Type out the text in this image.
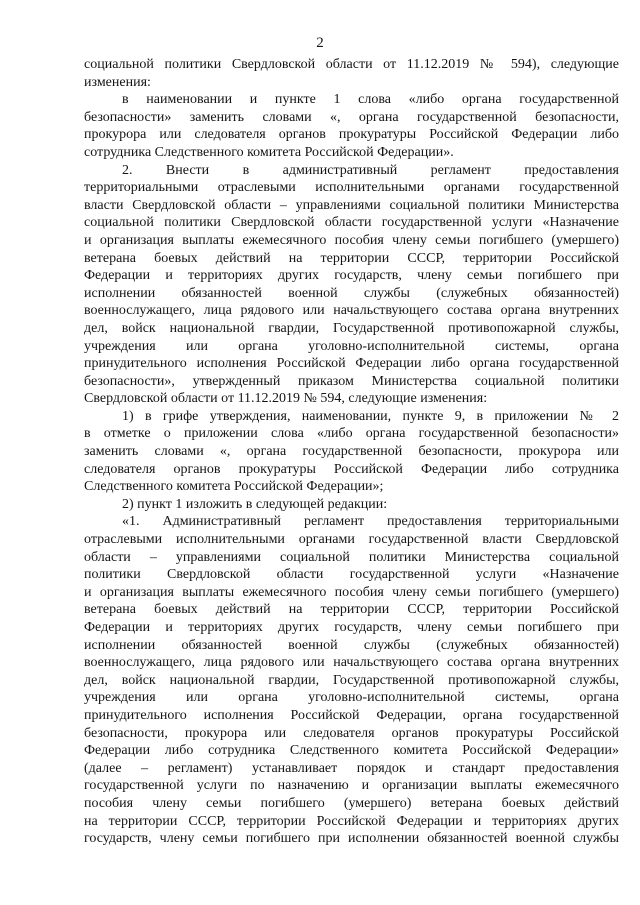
2
социальной политики Свердловской области от 11.12.2019 № 594), следующие
изменения:
в наименовании и пункте 1 слова «либо органа государственной
безопасности» заменить словами «, органа государственной безопасности,
прокурора или следователя органов прокуратуры Российской Федерации либо
сотрудника Следственного комитета Российской Федерации».
2. Внести в административный регламент предоставления
территориальными отраслевыми исполнительными органами государственной
власти Свердловской области – управлениями социальной политики Министерства
социальной политики Свердловской области государственной услуги «Назначение
и организация выплаты ежемесячного пособия члену семьи погибшего (умершего)
ветерана боевых действий на территории СССР, территории Российской
Федерации и территориях других государств, члену семьи погибшего при
исполнении обязанностей военной службы (служебных обязанностей)
военнослужащего, лица рядового или начальствующего состава органа внутренних
дел, войск национальной гвардии, Государственной противопожарной службы,
учреждения или органа уголовно-исполнительной системы, органа
принудительного исполнения Российской Федерации либо органа государственной
безопасности», утвержденный приказом Министерства социальной политики
Свердловской области от 11.12.2019 № 594, следующие изменения:
1) в грифе утверждения, наименовании, пункте 9, в приложении № 2
в отметке о приложении слова «либо органа государственной безопасности»
заменить словами «, органа государственной безопасности, прокурора или
следователя органов прокуратуры Российской Федерации либо сотрудника
Следственного комитета Российской Федерации»;
2) пункт 1 изложить в следующей редакции:
«1. Административный регламент предоставления территориальными
отраслевыми исполнительными органами государственной власти Свердловской
области – управлениями социальной политики Министерства социальной
политики Свердловской области государственной услуги «Назначение
и организация выплаты ежемесячного пособия члену семьи погибшего (умершего)
ветерана боевых действий на территории СССР, территории Российской
Федерации и территориях других государств, члену семьи погибшего при
исполнении обязанностей военной службы (служебных обязанностей)
военнослужащего, лица рядового или начальствующего состава органа внутренних
дел, войск национальной гвардии, Государственной противопожарной службы,
учреждения или органа уголовно-исполнительной системы, органа
принудительного исполнения Российской Федерации, органа государственной
безопасности, прокурора или следователя органов прокуратуры Российской
Федерации либо сотрудника Следственного комитета Российской Федерации»
(далее – регламент) устанавливает порядок и стандарт предоставления
государственной услуги по назначению и организации выплаты ежемесячного
пособия члену семьи погибшего (умершего) ветерана боевых действий
на территории СССР, территории Российской Федерации и территориях других
государств, члену семьи погибшего при исполнении обязанностей военной службы
